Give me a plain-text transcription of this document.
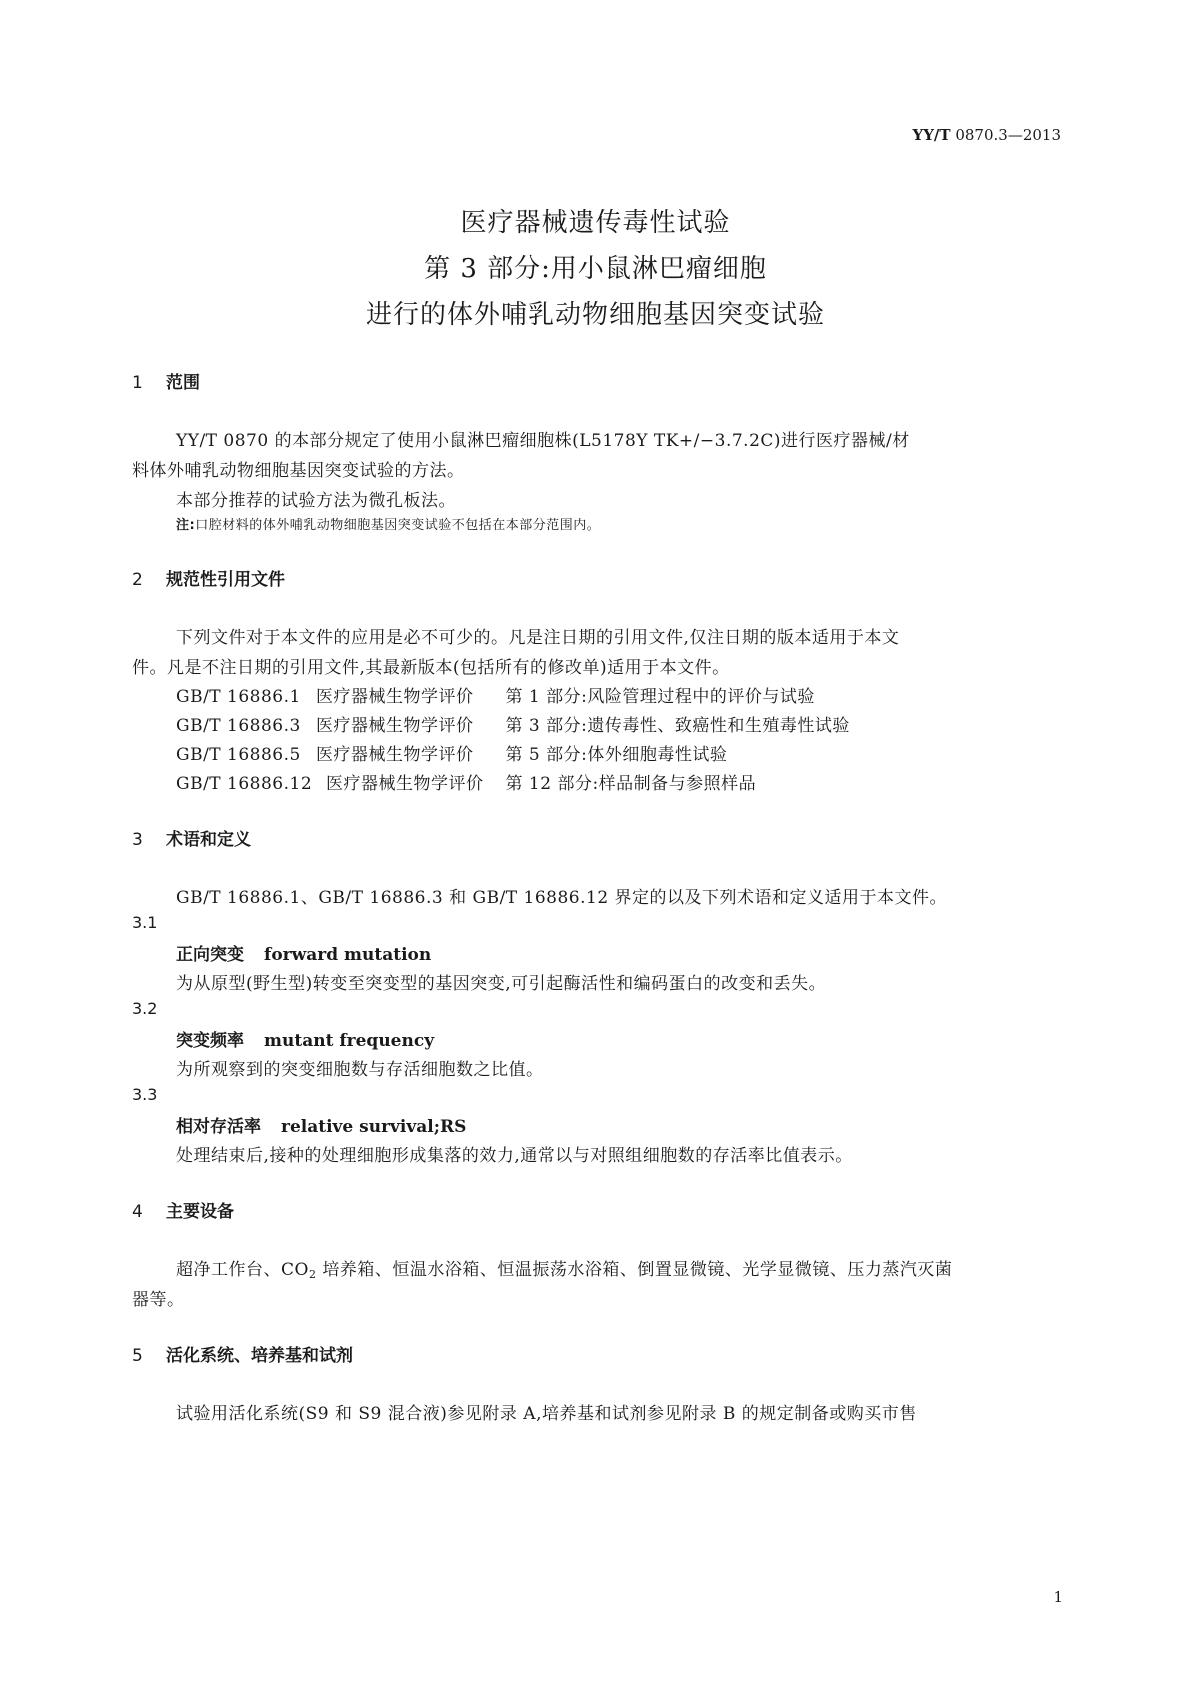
YY/T 0870.3—2013
医疗器械遗传毒性试验
第 3 部分:用小鼠淋巴瘤细胞
进行的体外哺乳动物细胞基因突变试验
1 范围
YY/T 0870 的本部分规定了使用小鼠淋巴瘤细胞株(L5178Y TK+/−3.7.2C)进行医疗器械/材
料体外哺乳动物细胞基因突变试验的方法。
本部分推荐的试验方法为微孔板法。
注:口腔材料的体外哺乳动物细胞基因突变试验不包括在本部分范围内。
2 规范性引用文件
下列文件对于本文件的应用是必不可少的。凡是注日期的引用文件,仅注日期的版本适用于本文
件。凡是不注日期的引用文件,其最新版本(包括所有的修改单)适用于本文件。
GB/T 16886.1 医疗器械生物学评价 第 1 部分:风险管理过程中的评价与试验
GB/T 16886.3 医疗器械生物学评价 第 3 部分:遗传毒性、致癌性和生殖毒性试验
GB/T 16886.5 医疗器械生物学评价 第 5 部分:体外细胞毒性试验
GB/T 16886.12 医疗器械生物学评价 第 12 部分:样品制备与参照样品
3 术语和定义
GB/T 16886.1、GB/T 16886.3 和 GB/T 16886.12 界定的以及下列术语和定义适用于本文件。
3.1
正向突变 forward mutation
为从原型(野生型)转变至突变型的基因突变,可引起酶活性和编码蛋白的改变和丢失。
3.2
突变频率 mutant frequency
为所观察到的突变细胞数与存活细胞数之比值。
3.3
相对存活率 relative survival;RS
处理结束后,接种的处理细胞形成集落的效力,通常以与对照组细胞数的存活率比值表示。
4 主要设备
超净工作台、CO2 培养箱、恒温水浴箱、恒温振荡水浴箱、倒置显微镜、光学显微镜、压力蒸汽灭菌
器等。
5 活化系统、培养基和试剂
试验用活化系统(S9 和 S9 混合液)参见附录 A,培养基和试剂参见附录 B 的规定制备或购买市售
1
